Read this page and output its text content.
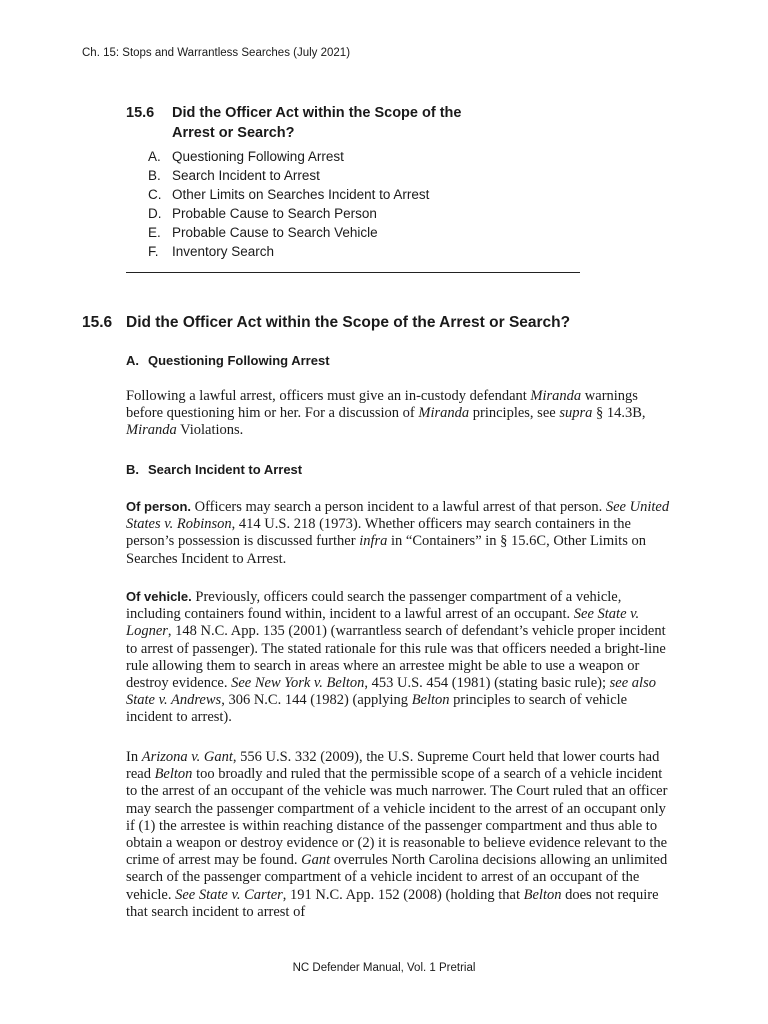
Ch. 15: Stops and Warrantless Searches (July 2021)
15.6 Did the Officer Act within the Scope of the
Arrest or Search?
A. Questioning Following Arrest
B. Search Incident to Arrest
C. Other Limits on Searches Incident to Arrest
D. Probable Cause to Search Person
E. Probable Cause to Search Vehicle
F. Inventory Search
15.6 Did the Officer Act within the Scope of the Arrest or Search?
A. Questioning Following Arrest
Following a lawful arrest, officers must give an in-custody defendant Miranda warnings before questioning him or her. For a discussion of Miranda principles, see supra § 14.3B, Miranda Violations.
B. Search Incident to Arrest
Of person. Officers may search a person incident to a lawful arrest of that person. See United States v. Robinson, 414 U.S. 218 (1973). Whether officers may search containers in the person’s possession is discussed further infra in “Containers” in § 15.6C, Other Limits on Searches Incident to Arrest.
Of vehicle. Previously, officers could search the passenger compartment of a vehicle, including containers found within, incident to a lawful arrest of an occupant. See State v. Logner, 148 N.C. App. 135 (2001) (warrantless search of defendant’s vehicle proper incident to arrest of passenger). The stated rationale for this rule was that officers needed a bright-line rule allowing them to search in areas where an arrestee might be able to use a weapon or destroy evidence. See New York v. Belton, 453 U.S. 454 (1981) (stating basic rule); see also State v. Andrews, 306 N.C. 144 (1982) (applying Belton principles to search of vehicle incident to arrest).
In Arizona v. Gant, 556 U.S. 332 (2009), the U.S. Supreme Court held that lower courts had read Belton too broadly and ruled that the permissible scope of a search of a vehicle incident to the arrest of an occupant of the vehicle was much narrower. The Court ruled that an officer may search the passenger compartment of a vehicle incident to the arrest of an occupant only if (1) the arrestee is within reaching distance of the passenger compartment and thus able to obtain a weapon or destroy evidence or (2) it is reasonable to believe evidence relevant to the crime of arrest may be found. Gant overrules North Carolina decisions allowing an unlimited search of the passenger compartment of a vehicle incident to arrest of an occupant of the vehicle. See State v. Carter, 191 N.C. App. 152 (2008) (holding that Belton does not require that search incident to arrest of
NC Defender Manual, Vol. 1 Pretrial
